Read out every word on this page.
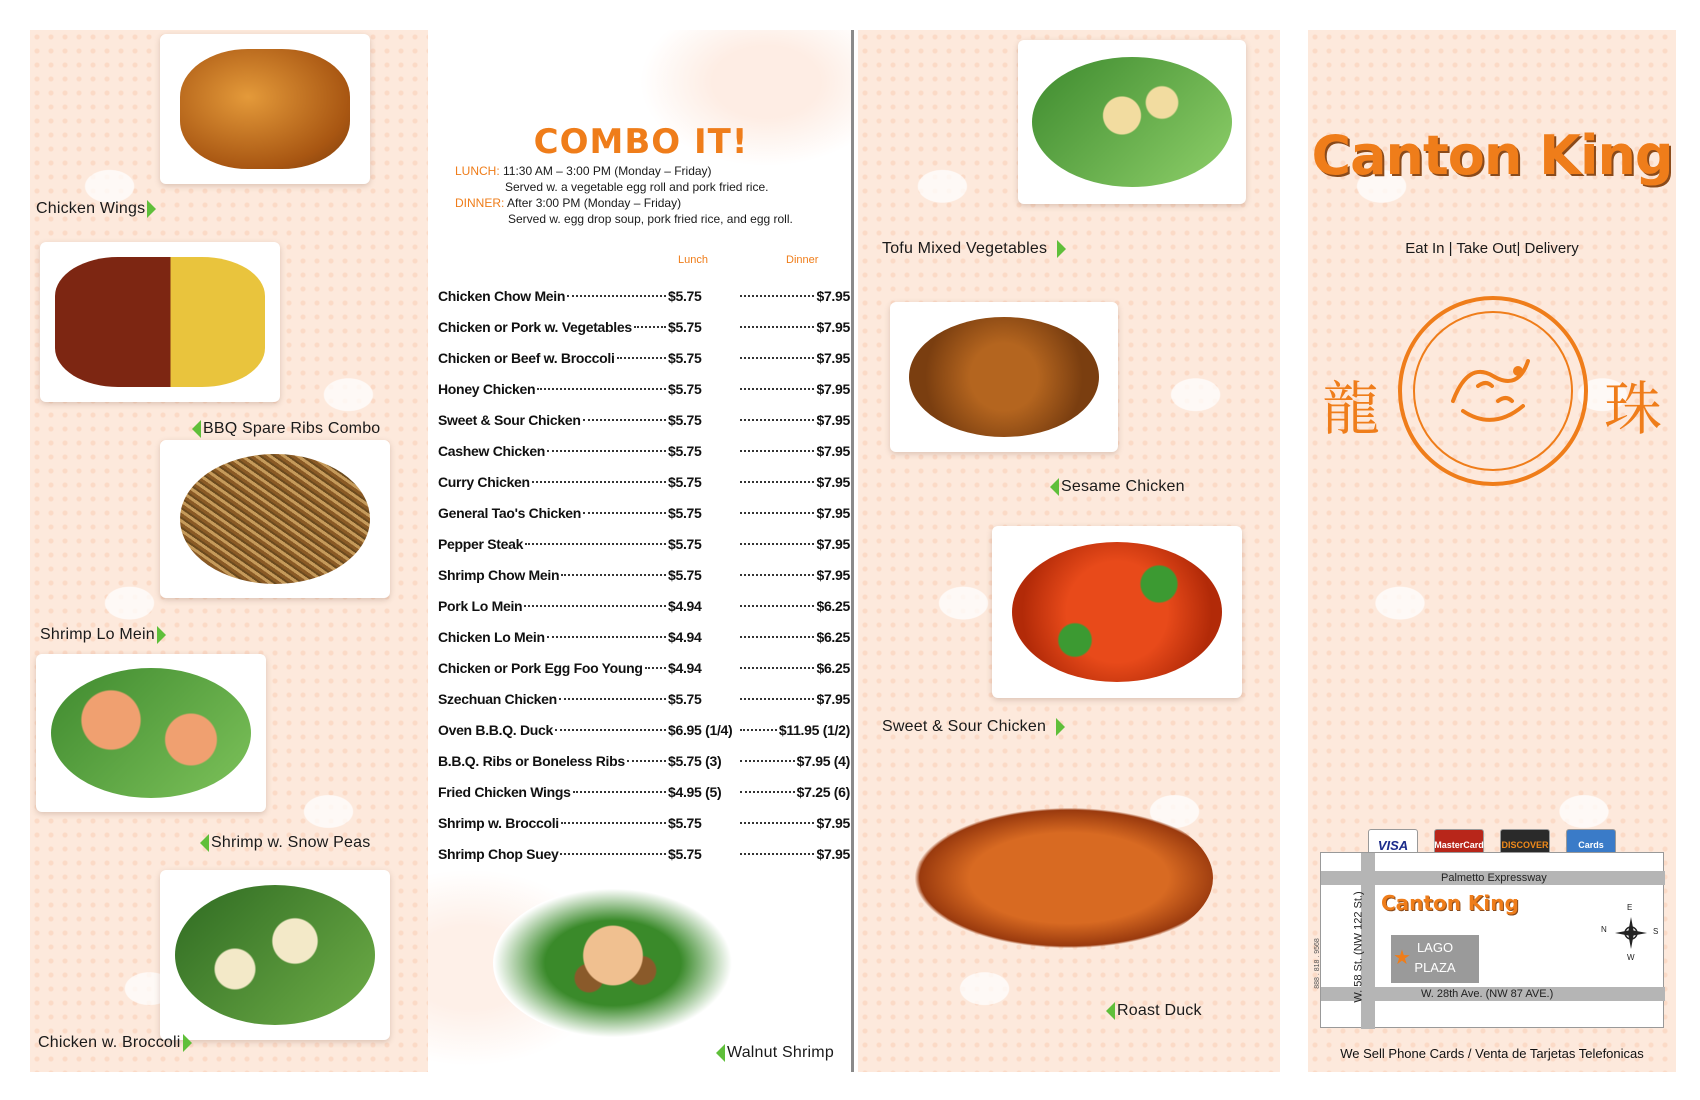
Chicken Wings
BBQ Spare Ribs Combo
Shrimp Lo Mein
Shrimp w. Snow Peas
Chicken w. Broccoli
COMBO IT!
LUNCH: 11:30 AM – 3:00 PM (Monday – Friday)
Served w. a vegetable egg roll and pork fried rice.
DINNER: After 3:00 PM (Monday – Friday)
Served w. egg drop soup, pork fried rice, and egg roll.
Lunch	Dinner
Chicken Chow Mein	$5.75	$7.95
Chicken or Pork w. Vegetables	$5.75	$7.95
Chicken or Beef w. Broccoli	$5.75	$7.95
Honey Chicken	$5.75	$7.95
Sweet & Sour Chicken	$5.75	$7.95
Cashew Chicken	$5.75	$7.95
Curry Chicken	$5.75	$7.95
General Tao's Chicken	$5.75	$7.95
Pepper Steak	$5.75	$7.95
Shrimp Chow Mein	$5.75	$7.95
Pork Lo Mein	$4.94	$6.25
Chicken Lo Mein	$4.94	$6.25
Chicken or Pork Egg Foo Young $4.94	$6.25
Szechuan Chicken	$5.75	$7.95
Oven B.B.Q. Duck	$6.95 (1/4)	$11.95 (1/2)
B.B.Q. Ribs or Boneless Ribs	$5.75 (3)	$7.95 (4)
Fried Chicken Wings	$4.95 (5)	$7.25 (6)
Shrimp w. Broccoli	$5.75	$7.95
Shrimp Chop Suey	$5.75	$7.95
Walnut Shrimp
Tofu Mixed Vegetables
Sesame Chicken
Sweet & Sour Chicken
Roast Duck
Canton King
Eat In | Take Out| Delivery
龍	珠
VISA	MasterCard DISCOVER	Cards
Palmetto Expressway
W. 28th Ave. (NW 87 AVE.)
W. 58 St. (NW 122 St.) Canton King
LAGO
PLAZA
★
N	S
E
W
888 . 818 . 9568
We Sell Phone Cards / Venta de Tarjetas Telefonicas
